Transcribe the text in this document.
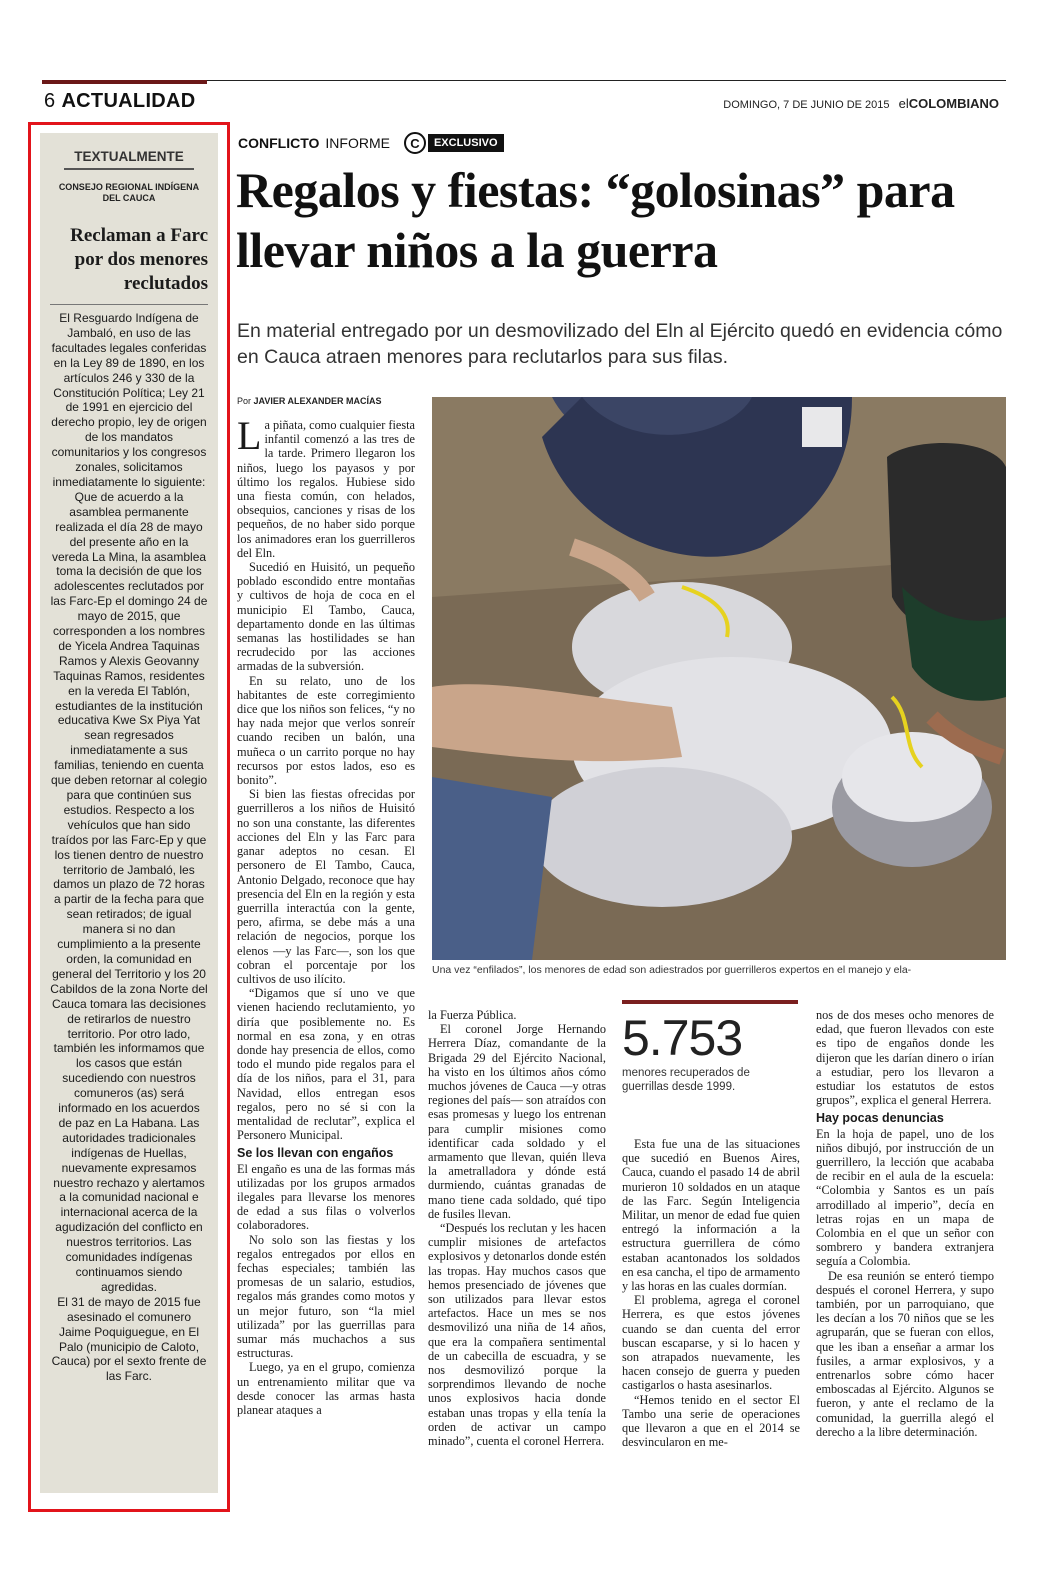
6 ACTUALIDAD	DOMINGO, 7 DE JUNIO DE 2015 elCOLOMBIANO
TEXTUALMENTE
CONSEJO REGIONAL INDÍGENA DEL CAUCA
Reclaman a Farc por dos menores reclutados
El Resguardo Indígena de Jambaló, en uso de las facultades legales conferidas en la Ley 89 de 1890, en los artículos 246 y 330 de la Constitución Política; Ley 21 de 1991 en ejercicio del derecho propio, ley de origen de los mandatos comunitarios y los congresos zonales, solicitamos inmediatamente lo siguiente: Que de acuerdo a la asamblea permanente realizada el día 28 de mayo del presente año en la vereda La Mina, la asamblea toma la decisión de que los adolescentes reclutados por las Farc-Ep el domingo 24 de mayo de 2015, que corresponden a los nombres de Yicela Andrea Taquinas Ramos y Alexis Geovanny Taquinas Ramos, residentes en la vereda El Tablón, estudiantes de la institución educativa Kwe Sx Piya Yat sean regresados inmediatamente a sus familias, teniendo en cuenta que deben retornar al colegio para que continúen sus estudios. Respecto a los vehículos que han sido traídos por las Farc-Ep y que los tienen dentro de nuestro territorio de Jambaló, les damos un plazo de 72 horas a partir de la fecha para que sean retirados; de igual manera si no dan cumplimiento a la presente orden, la comunidad en general del Territorio y los 20 Cabildos de la zona Norte del Cauca tomara las decisiones de retirarlos de nuestro territorio. Por otro lado, también les informamos que los casos que están sucediendo con nuestros comuneros (as) será informado en los acuerdos de paz en La Habana. Las autoridades tradicionales indígenas de Huellas, nuevamente expresamos nuestro rechazo y alertamos a la comunidad nacional e internacional acerca de la agudización del conflicto en nuestros territorios. Las comunidades indígenas continuamos siendo agredidas.
El 31 de mayo de 2015 fue asesinado el comunero Jaime Poquiguegue, en El Palo (municipio de Caloto, Cauca) por el sexto frente de las Farc.
CONFLICTO INFORME	C	EXCLUSIVO
Regalos y fiestas: “golosinas” para llevar niños a la guerra
En material entregado por un desmovilizado del Eln al Ejército quedó en evidencia cómo en Cauca atraen menores para reclutarlos para sus filas.
Por JAVIER ALEXANDER MACÍAS

La piñata, como cualquier fiesta infantil comenzó a las tres de la tarde. Primero llegaron los niños, luego los payasos y por último los regalos. Hubiese sido una fiesta común, con helados, obsequios, canciones y risas de los pequeños, de no haber sido porque los animadores eran los guerrilleros del Eln.

Sucedió en Huisitó, un pequeño poblado escondido entre montañas y cultivos de hoja de coca en el municipio El Tambo, Cauca, departamento donde en las últimas semanas las hostilidades se han recrudecido por las acciones armadas de la subversión.

En su relato, uno de los habitantes de este corregimiento dice que los niños son felices, “y no hay nada mejor que verlos sonreír cuando reciben un balón, una muñeca o un carrito porque no hay recursos por estos lados, eso es bonito”.

Si bien las fiestas ofrecidas por guerrilleros a los niños de Huisitó no son una constante, las diferentes acciones del Eln y las Farc para ganar adeptos no cesan. El personero de El Tambo, Cauca, Antonio Delgado, reconoce que hay presencia del Eln en la región y esta guerrilla interactúa con la gente, pero, afirma, se debe más a una relación de negocios, porque los elenos —y las Farc—, son los que cobran el porcentaje por los cultivos de uso ilícito.

“Digamos que sí uno ve que vienen haciendo reclutamiento, yo diría que posiblemente no. Es normal en esa zona, y en otras donde hay presencia de ellos, como todo el mundo pide regalos para el día de los niños, para el 31, para Navidad, ellos entregan esos regalos, pero no sé si con la mentalidad de reclutar”, explica el Personero Municipal.

Se los llevan con engaños

El engaño es una de las formas más utilizadas por los grupos armados ilegales para llevarse los menores de edad a sus filas o volverlos colaboradores.

No solo son las fiestas y los regalos entregados por ellos en fechas especiales; también las promesas de un salario, estudios, regalos más grandes como motos y un mejor futuro, son “la miel utilizada” por las guerrillas para sumar más muchachos a sus estructuras.

Luego, ya en el grupo, comienza un entrenamiento militar que va desde conocer las armas hasta planear ataques a

Una vez “enfilados”, los menores de edad son adiestrados por guerrilleros expertos en el manejo y ela-

la Fuerza Pública.

El coronel Jorge Hernando Herrera Díaz, comandante de la Brigada 29 del Ejército Nacional, ha visto en los últimos años cómo muchos jóvenes de Cauca —y otras regiones del país— son atraídos con esas promesas y luego los entrenan para cumplir misiones como identificar cada soldado y el armamento que llevan, quién lleva la ametralladora y dónde está durmiendo, cuántas granadas de mano tiene cada soldado, qué tipo de fusiles llevan.

“Después los reclutan y les hacen cumplir misiones de artefactos explosivos y detonarlos donde estén las tropas. Hay muchos casos que hemos presenciado de jóvenes que son utilizados para llevar estos artefactos. Hace un mes se nos desmovilizó una niña de 14 años, que era la compañera sentimental de un cabecilla de escuadra, y se nos desmovilizó porque la sorprendimos llevando de noche unos explosivos hacia donde estaban unas tropas y ella tenía la orden de activar un campo minado”, cuenta el coronel Herrera.

5.753
menores recuperados de guerrillas desde 1999.

Esta fue una de las situaciones que sucedió en Buenos Aires, Cauca, cuando el pasado 14 de abril murieron 10 soldados en un ataque de las Farc. Según Inteligencia Militar, un menor de edad fue quien entregó la información a la estructura guerrillera de cómo estaban acantonados los soldados en esa cancha, el tipo de armamento y las horas en las cuales dormían.

El problema, agrega el coronel Herrera, es que estos jóvenes cuando se dan cuenta del error buscan escaparse, y si lo hacen y son atrapados nuevamente, les hacen consejo de guerra y pueden castigarlos o hasta asesinarlos.

“Hemos tenido en el sector El Tambo una serie de operaciones que llevaron a que en el 2014 se desvincularon en me-

nos de dos meses ocho menores de edad, que fueron llevados con este es tipo de engaños donde les dijeron que les darían dinero o irían a estudiar, pero los llevaron a estudiar los estatutos de estos grupos”, explica el general Herrera.

Hay pocas denuncias

En la hoja de papel, uno de los niños dibujó, por instrucción de un guerrillero, la lección que acababa de recibir en el aula de la escuela: “Colombia y Santos es un país arrodillado al imperio”, decía en letras rojas en un mapa de Colombia en el que un señor con sombrero y bandera extranjera seguía a Colombia.

De esa reunión se enteró tiempo después el coronel Herrera, y supo también, por un parroquiano, que les decían a los 70 niños que se les agruparán, que se fueran con ellos, que les iban a enseñar a armar los fusiles, a armar explosivos, y a entrenarlos sobre cómo hacer emboscadas al Ejército. Algunos se fueron, y ante el reclamo de la comunidad, la guerrilla alegó el derecho a la libre determinación.
